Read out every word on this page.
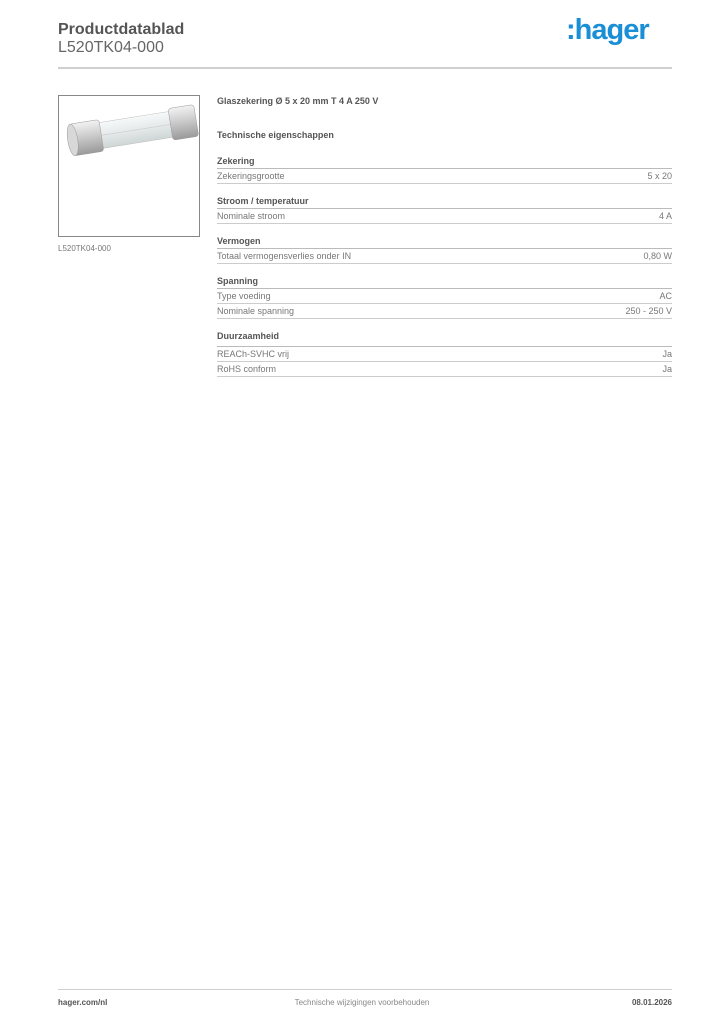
Productdatablad
L520TK04-000
:hager
L520TK04-000
Glaszekering Ø 5 x 20 mm T 4 A 250 V
Technische eigenschappen
Zekering
Zekeringsgrootte	5 x 20
Stroom / temperatuur
Nominale stroom	4 A
Vermogen
Totaal vermogensverlies onder IN	0,80 W
Spanning
Type voeding	AC
Nominale spanning	250 - 250 V
Duurzaamheid
REACh-SVHC vrij	Ja
RoHS conform	Ja
hager.com/nl	Technische wijzigingen voorbehouden	08.01.2026
